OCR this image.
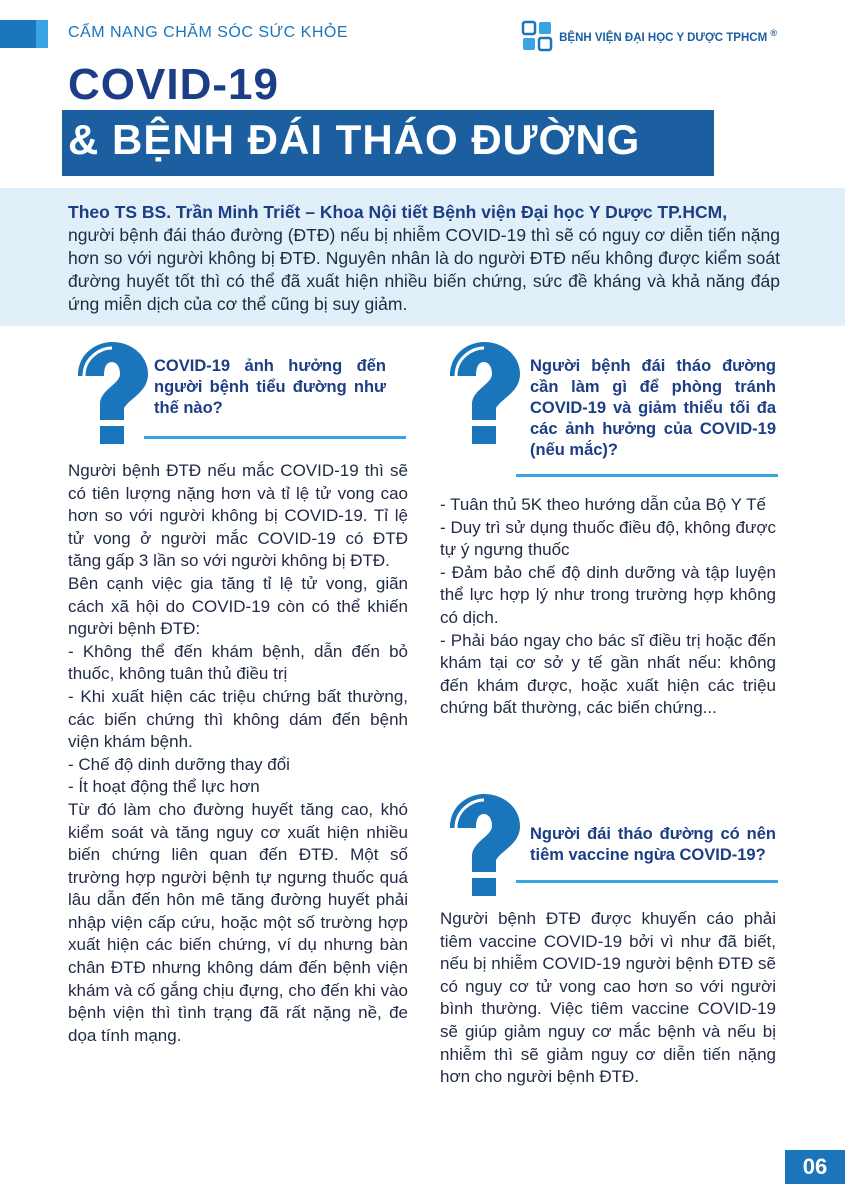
CẨM NANG CHĂM SÓC SỨC KHỎE	BỆNH VIỆN ĐẠI HỌC Y DƯỢC TPHCM ®
COVID-19
& BỆNH ĐÁI THÁO ĐƯỜNG
Theo TS BS. Trần Minh Triết – Khoa Nội tiết Bệnh viện Đại học Y Dược TP.HCM,
người bệnh đái tháo đường (ĐTĐ) nếu bị nhiễm COVID-19 thì sẽ có nguy cơ diễn tiến nặng hơn so với người không bị ĐTĐ. Nguyên nhân là do người ĐTĐ nếu không được kiểm soát đường huyết tốt thì có thể đã xuất hiện nhiều biến chứng, sức đề kháng và khả năng đáp ứng miễn dịch của cơ thể cũng bị suy giảm.
COVID-19 ảnh hưởng đến người bệnh tiểu đường như thế nào?
Người bệnh ĐTĐ nếu mắc COVID-19 thì sẽ có tiên lượng nặng hơn và tỉ lệ tử vong cao hơn so với người không bị COVID-19. Tỉ lệ tử vong ở người mắc COVID-19 có ĐTĐ tăng gấp 3 lần so với người không bị ĐTĐ.
Bên cạnh việc gia tăng tỉ lệ tử vong, giãn cách xã hội do COVID-19 còn có thể khiến người bệnh ĐTĐ:
- Không thể đến khám bệnh, dẫn đến bỏ thuốc, không tuân thủ điều trị
- Khi xuất hiện các triệu chứng bất thường, các biến chứng thì không dám đến bệnh viện khám bệnh.
- Chế độ dinh dưỡng thay đổi
- Ít hoạt động thể lực hơn
Từ đó làm cho đường huyết tăng cao, khó kiểm soát và tăng nguy cơ xuất hiện nhiều biến chứng liên quan đến ĐTĐ. Một số trường hợp người bệnh tự ngưng thuốc quá lâu dẫn đến hôn mê tăng đường huyết phải nhập viện cấp cứu, hoặc một số trường hợp xuất hiện các biến chứng, ví dụ nhưng bàn chân ĐTĐ nhưng không dám đến bệnh viện khám và cố gắng chịu đựng, cho đến khi vào bệnh viện thì tình trạng đã rất nặng nề, đe dọa tính mạng.
Người bệnh đái tháo đường cần làm gì để phòng tránh COVID-19 và giảm thiểu tối đa các ảnh hưởng của COVID-19 (nếu mắc)?
- Tuân thủ 5K theo hướng dẫn của Bộ Y Tế
- Duy trì sử dụng thuốc điều độ, không được tự ý ngưng thuốc
- Đảm bảo chế độ dinh dưỡng và tập luyện thể lực hợp lý như trong trường hợp không có dịch.
- Phải báo ngay cho bác sĩ điều trị hoặc đến khám tại cơ sở y tế gần nhất nếu: không đến khám được, hoặc xuất hiện các triệu chứng bất thường, các biến chứng...
Người đái tháo đường có nên tiêm vaccine ngừa COVID-19?
Người bệnh ĐTĐ được khuyến cáo phải tiêm vaccine COVID-19 bởi vì như đã biết, nếu bị nhiễm COVID-19 người bệnh ĐTĐ sẽ có nguy cơ tử vong cao hơn so với người bình thường. Việc tiêm vaccine COVID-19 sẽ giúp giảm nguy cơ mắc bệnh và nếu bị nhiễm thì sẽ giảm nguy cơ diễn tiến nặng hơn cho người bệnh ĐTĐ.
06
